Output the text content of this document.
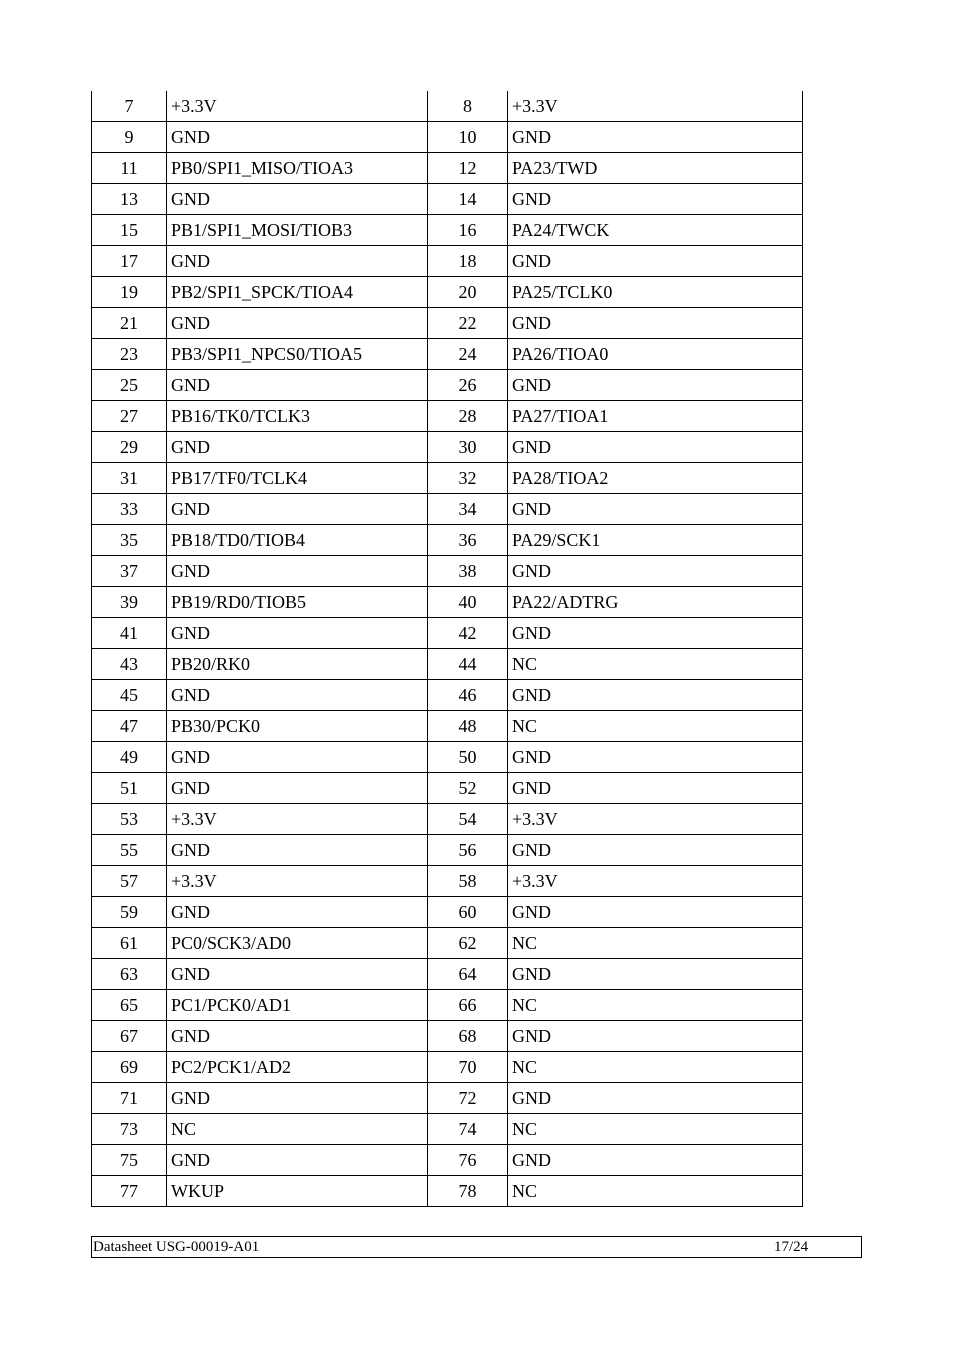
7	+3.3V	8	+3.3V
9	GND	10	GND
11	PB0/SPI1_MISO/TIOA3	12	PA23/TWD
13	GND	14	GND
15	PB1/SPI1_MOSI/TIOB3	16	PA24/TWCK
17	GND	18	GND
19	PB2/SPI1_SPCK/TIOA4	20	PA25/TCLK0
21	GND	22	GND
23	PB3/SPI1_NPCS0/TIOA5	24	PA26/TIOA0
25	GND	26	GND
27	PB16/TK0/TCLK3	28	PA27/TIOA1
29	GND	30	GND
31	PB17/TF0/TCLK4	32	PA28/TIOA2
33	GND	34	GND
35	PB18/TD0/TIOB4	36	PA29/SCK1
37	GND	38	GND
39	PB19/RD0/TIOB5	40	PA22/ADTRG
41	GND	42	GND
43	PB20/RK0	44	NC
45	GND	46	GND
47	PB30/PCK0	48	NC
49	GND	50	GND
51	GND	52	GND
53	+3.3V	54	+3.3V
55	GND	56	GND
57	+3.3V	58	+3.3V
59	GND	60	GND
61	PC0/SCK3/AD0	62	NC
63	GND	64	GND
65	PC1/PCK0/AD1	66	NC
67	GND	68	GND
69	PC2/PCK1/AD2	70	NC
71	GND	72	GND
73	NC	74	NC
75	GND	76	GND
77	WKUP	78	NC
Datasheet USG-00019-A01	17/24
